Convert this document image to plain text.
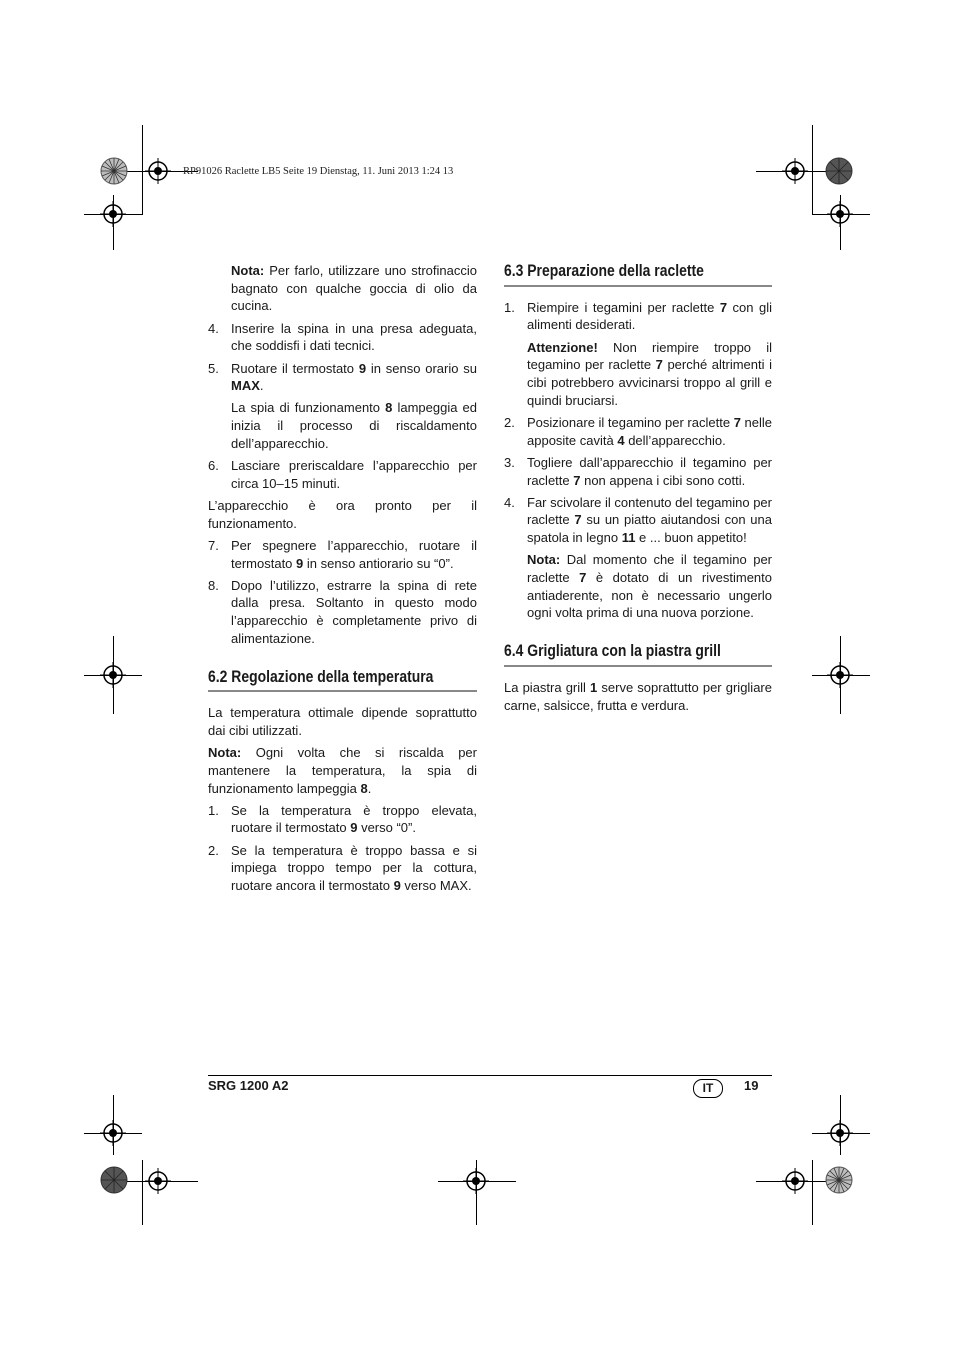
RP91026 Raclette LB5 Seite 19 Dienstag, 11. Juni 2013 1:24 13

Nota: Per farlo, utilizzare uno strofinaccio bagnato con qualche goccia di olio da cucina.

4. Inserire la spina in una presa adeguata, che soddisfi i dati tecnici.

5. Ruotare il termostato 9 in senso orario su MAX.

La spia di funzionamento 8 lampeggia ed inizia il processo di riscaldamento dell’apparecchio.

6. Lasciare preriscaldare l’apparecchio per circa 10–15 minuti.

L’apparecchio è ora pronto per il funzionamento.

7. Per spegnere l’apparecchio, ruotare il termostato 9 in senso antiorario su “0”.

8. Dopo l’utilizzo, estrarre la spina di rete dalla presa. Soltanto in questo modo l’apparecchio è completamente privo di alimentazione.

6.2 Regolazione della temperatura

La temperatura ottimale dipende soprattutto dai cibi utilizzati.

Nota: Ogni volta che si riscalda per mantenere la temperatura, la spia di funzionamento lampeggia 8.

1. Se la temperatura è troppo elevata, ruotare il termostato 9 verso “0”.

2. Se la temperatura è troppo bassa e si impiega troppo tempo per la cottura, ruotare ancora il termostato 9 verso MAX.

6.3 Preparazione della raclette

1. Riempire i tegamini per raclette 7 con gli alimenti desiderati.

Attenzione! Non riempire troppo il tegamino per raclette 7 perché altrimenti i cibi potrebbero avvicinarsi troppo al grill e quindi bruciarsi.

2. Posizionare il tegamino per raclette 7 nelle apposite cavità 4 dell’apparecchio.

3. Togliere dall’apparecchio il tegamino per raclette 7 non appena i cibi sono cotti.

4. Far scivolare il contenuto del tegamino per raclette 7 su un piatto aiutandosi con una spatola in legno 11 e ... buon appetito!

Nota: Dal momento che il tegamino per raclette 7 è dotato di un rivestimento antiaderente, non è necessario ungerlo ogni volta prima di una nuova porzione.

6.4 Grigliatura con la piastra grill

La piastra grill 1 serve soprattutto per grigliare carne, salsicce, frutta e verdura.

SRG 1200 A2	IT	19
